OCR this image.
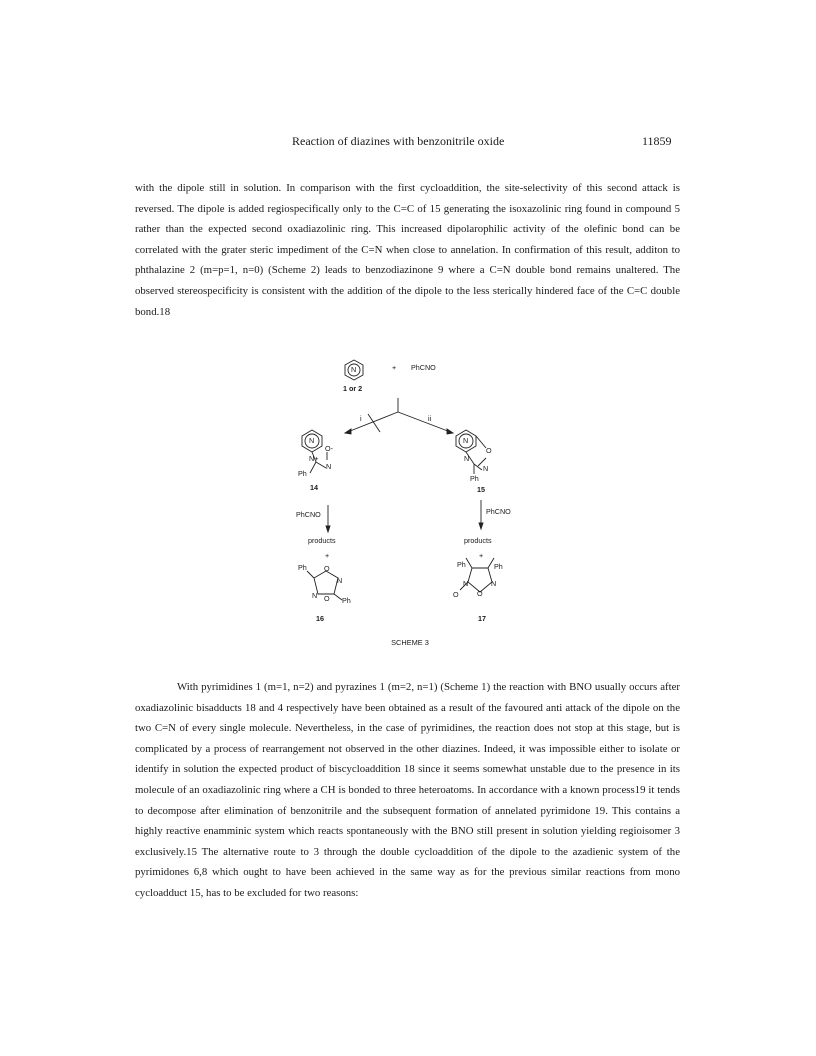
Reaction of diazines with benzonitrile oxide	11859

with the dipole still in solution. In comparison with the first cycloaddition, the site-selectivity of this second attack is reversed. The dipole is added regiospecifically only to the C=C of 15 generating the isoxazolinic ring found in compound 5 rather than the expected second oxadiazolinic ring. This increased dipolarophilic activity of the olefinic bond can be correlated with the grater steric impediment of the C=N when close to annelation. In confirmation of this result, additon to phthalazine 2 (m=p=1, n=0) (Scheme 2) leads to benzodiazinone 9 where a C=N double bond remains unaltered. The observed stereospecificity is consistent with the addition of the dipole to the less sterically hindered face of the C=C double bond.18

N	+ PhCNO
1 or 2
i	ii
N
N+
O-
N
Ph
14
N
O
N
N
Ph
15
PhCNO	PhCNO
products	products
+	+
Ph O
N
N O Ph
16
Ph	Ph
N	N
O
O
17
SCHEME 3

With pyrimidines 1 (m=1, n=2) and pyrazines 1 (m=2, n=1) (Scheme 1) the reaction with BNO usually occurs after oxadiazolinic bisadducts 18 and 4 respectively have been obtained as a result of the favoured anti attack of the dipole on the two C=N of every single molecule. Nevertheless, in the case of pyrimidines, the reaction does not stop at this stage, but is complicated by a process of rearrangement not observed in the other diazines. Indeed, it was impossible either to isolate or identify in solution the expected product of biscycloaddition 18 since it seems somewhat unstable due to the presence in its molecule of an oxadiazolinic ring where a CH is bonded to three heteroatoms. In accordance with a known process19 it tends to decompose after elimination of benzonitrile and the subsequent formation of annelated pyrimidone 19. This contains a highly reactive enamminic system which reacts spontaneously with the BNO still present in solution yielding regioisomer 3 exclusively.15 The alternative route to 3 through the double cycloaddition of the dipole to the azadienic system of the pyrimidones 6,8 which ought to have been achieved in the same way as for the previous similar reactions from mono cycloadduct 15, has to be excluded for two reasons:
